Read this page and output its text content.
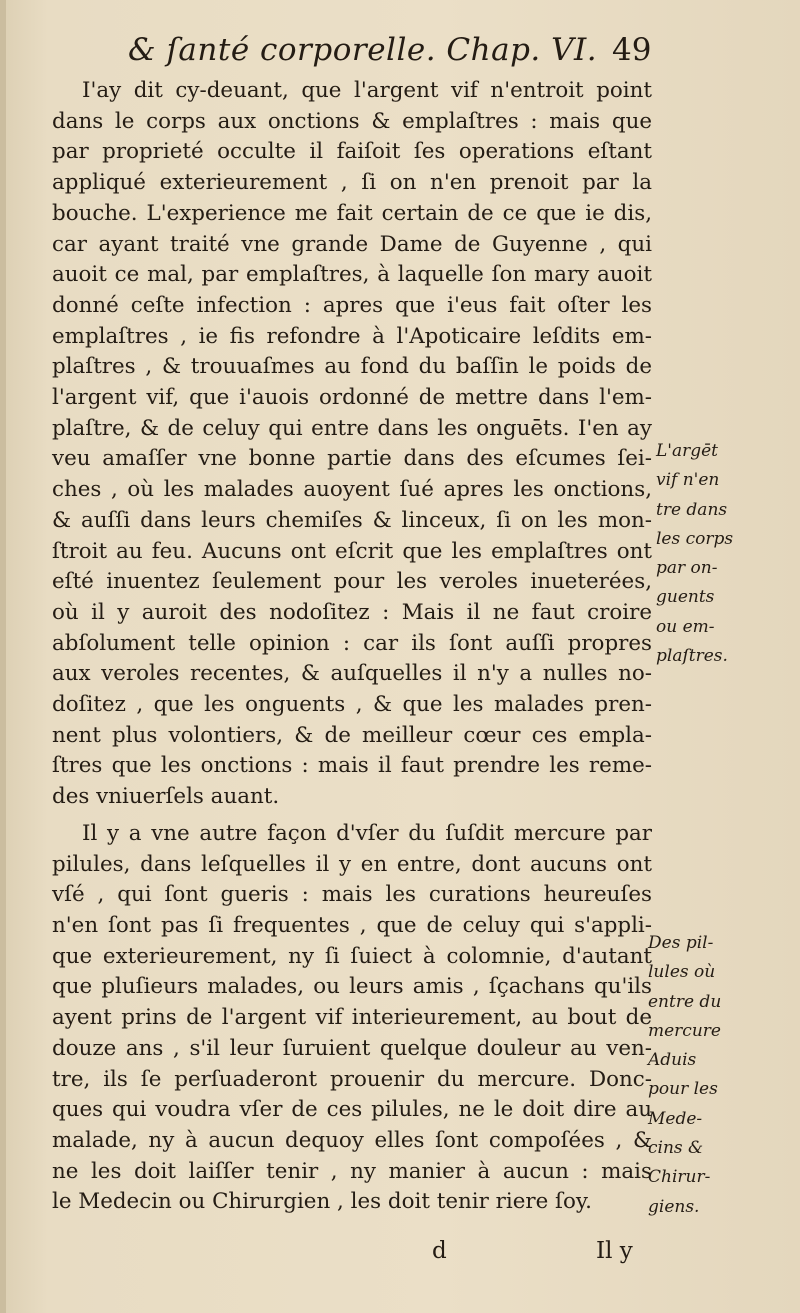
& ſanté corporelle. Chap. VI. 49
I'ay dit cy-deuant, que l'argent vif n'entroit point
dans le corps aux onctions & emplaſtres : mais que
par proprieté occulte il faiſoit ſes operations eſtant
appliqué exterieurement , ſi on n'en prenoit par la
bouche. L'experience me fait certain de ce que ie dis,
car ayant traité vne grande Dame de Guyenne , qui
auoit ce mal, par emplaſtres, à laquelle ſon mary auoit
donné ceſte infection : apres que i'eus fait oſter les
emplaſtres , ie fis refondre à l'Apoticaire leſdits em-
plaſtres , & trouuaſmes au fond du baſſin le poids de
l'argent vif, que i'auois ordonné de mettre dans l'em-
plaſtre, & de celuy qui entre dans les onguēts. I'en ay
veu amaſſer vne bonne partie dans des eſcumes ſei-
ches , où les malades auoyent ſué apres les onctions,
& auſſi dans leurs chemiſes & linceux, ſi on les mon-
ſtroit au feu. Aucuns ont eſcrit que les emplaſtres ont
eſté inuentez ſeulement pour les veroles inueterées,
où il y auroit des nodoſitez : Mais il ne faut croire
abſolument telle opinion : car ils ſont auſſi propres
aux veroles recentes, & auſquelles il n'y a nulles no-
doſitez , que les onguents , & que les malades pren-
nent plus volontiers, & de meilleur cœur ces empla-
ſtres que les onctions : mais il faut prendre les reme-
des vniuerſels auant.
Il y a vne autre façon d'vſer du ſuſdit mercure par
pilules, dans leſquelles il y en entre, dont aucuns ont
vſé , qui ſont gueris : mais les curations heureuſes
n'en ſont pas ſi frequentes , que de celuy qui s'appli-
que exterieurement, ny ſi ſuiect à colomnie, d'autant
que pluſieurs malades, ou leurs amis , ſçachans qu'ils
ayent prins de l'argent vif interieurement, au bout de
douze ans , s'il leur ſuruient quelque douleur au ven-
tre, ils ſe perſuaderont prouenir du mercure. Donc-
ques qui voudra vſer de ces pilules, ne le doit dire au
malade, ny à aucun dequoy elles ſont compoſées , &
ne les doit laiſſer tenir , ny manier à aucun : mais
le Medecin ou Chirurgien , les doit tenir riere ſoy.
L'argēt
vif n'en
tre dans
les corps
par on-
guents
ou em-
plaſtres.
Des pil-
lules où
entre du
mercure
Aduis
pour les
Mede-
cins &
Chirur-
giens.
d	Il y
